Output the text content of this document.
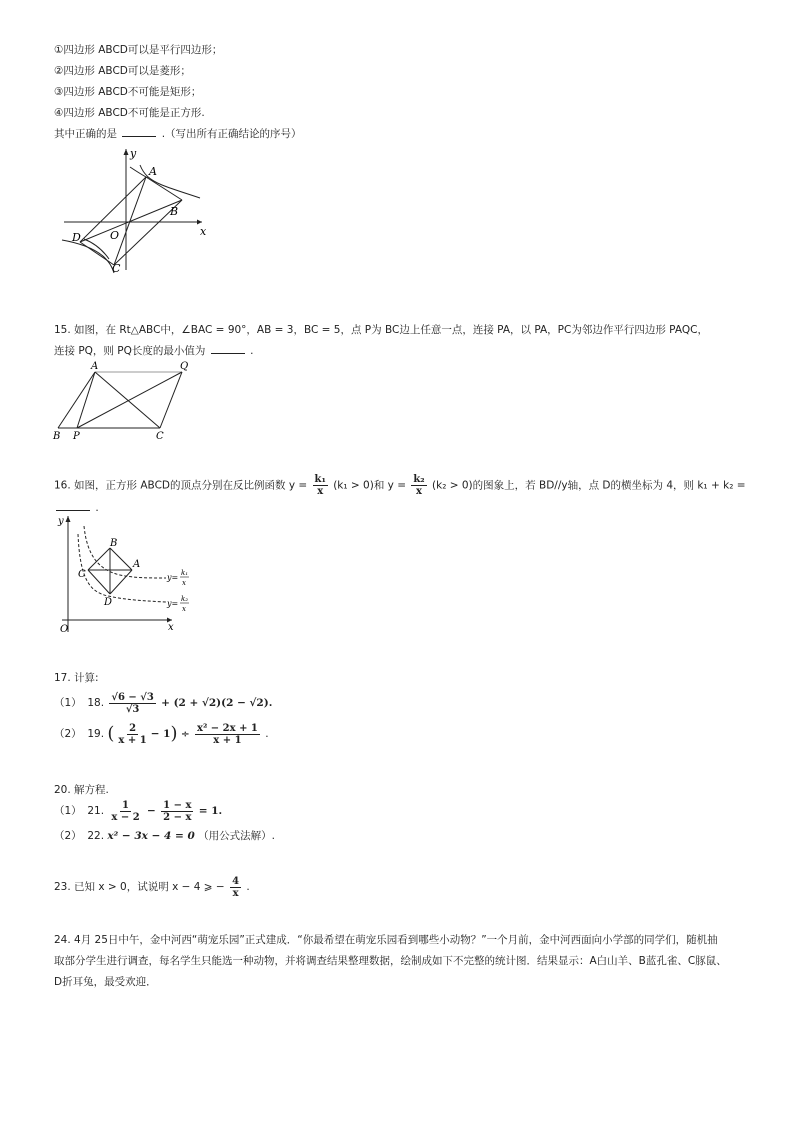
①四边形 ABCD可以是平行四边形；
②四边形 ABCD可以是菱形；
③四边形 ABCD不可能是矩形；
④四边形 ABCD不可能是正方形.
其中正确的是	.（写出所有正确结论的序号）
y
x
A
B
C
D	O
15. 如图，在 Rt△ABC中，∠BAC = 90°，AB = 3，BC = 5，点 P为 BC边上任意一点，连接 PA，以 PA，PC为邻边作平行四边形 PAQC，
连接 PQ，则 PQ长度的最小值为	.
A	Q
B P	C
16. 如图，正方形 ABCD的顶点分别在反比例函数 $y = \frac{\text{k₁}}{x} (k_1 > 0)$和 $y = \frac{\text{k₂}}{x} (k_2 > 0)$的图象上，若 BD//y轴，点 D的横坐标为 4，则 k₁ + k₂ =
.
y
x
O
B
A
C
D
y= k₁
x
y= k₂
x
17. 计算:
（1） 18. $\frac{√6 - √3}{√3} + (2 + √2)(2 - √2)$.
（2） 19. ( $\frac{2}{x + 1} - 1) \div \frac{\text{x² − 2x + 1}}{x + 1}$ .
20. 解方程.
（1） 21. $\frac{1}{x - 2} - \frac{1 - x}{2 - x} = 1$.
（2） 22. x² − 3x − 4 = 0 （用公式法解）.
23. 已知 x > 0，试说明 x − 4 ⩾ − $\frac{4}{x}$ .
24. 4月 25日中午，金中河西“萌宠乐园”正式建成．“你最希望在萌宠乐园看到哪些小动物？”一个月前，金中河西面向小学部的同学们，随机抽
取部分学生进行调查，每名学生只能选一种动物，并将调查结果整理数据，绘制成如下不完整的统计图．结果显示：A白山羊、B蓝孔雀、C豚鼠、
D折耳兔，最受欢迎．
